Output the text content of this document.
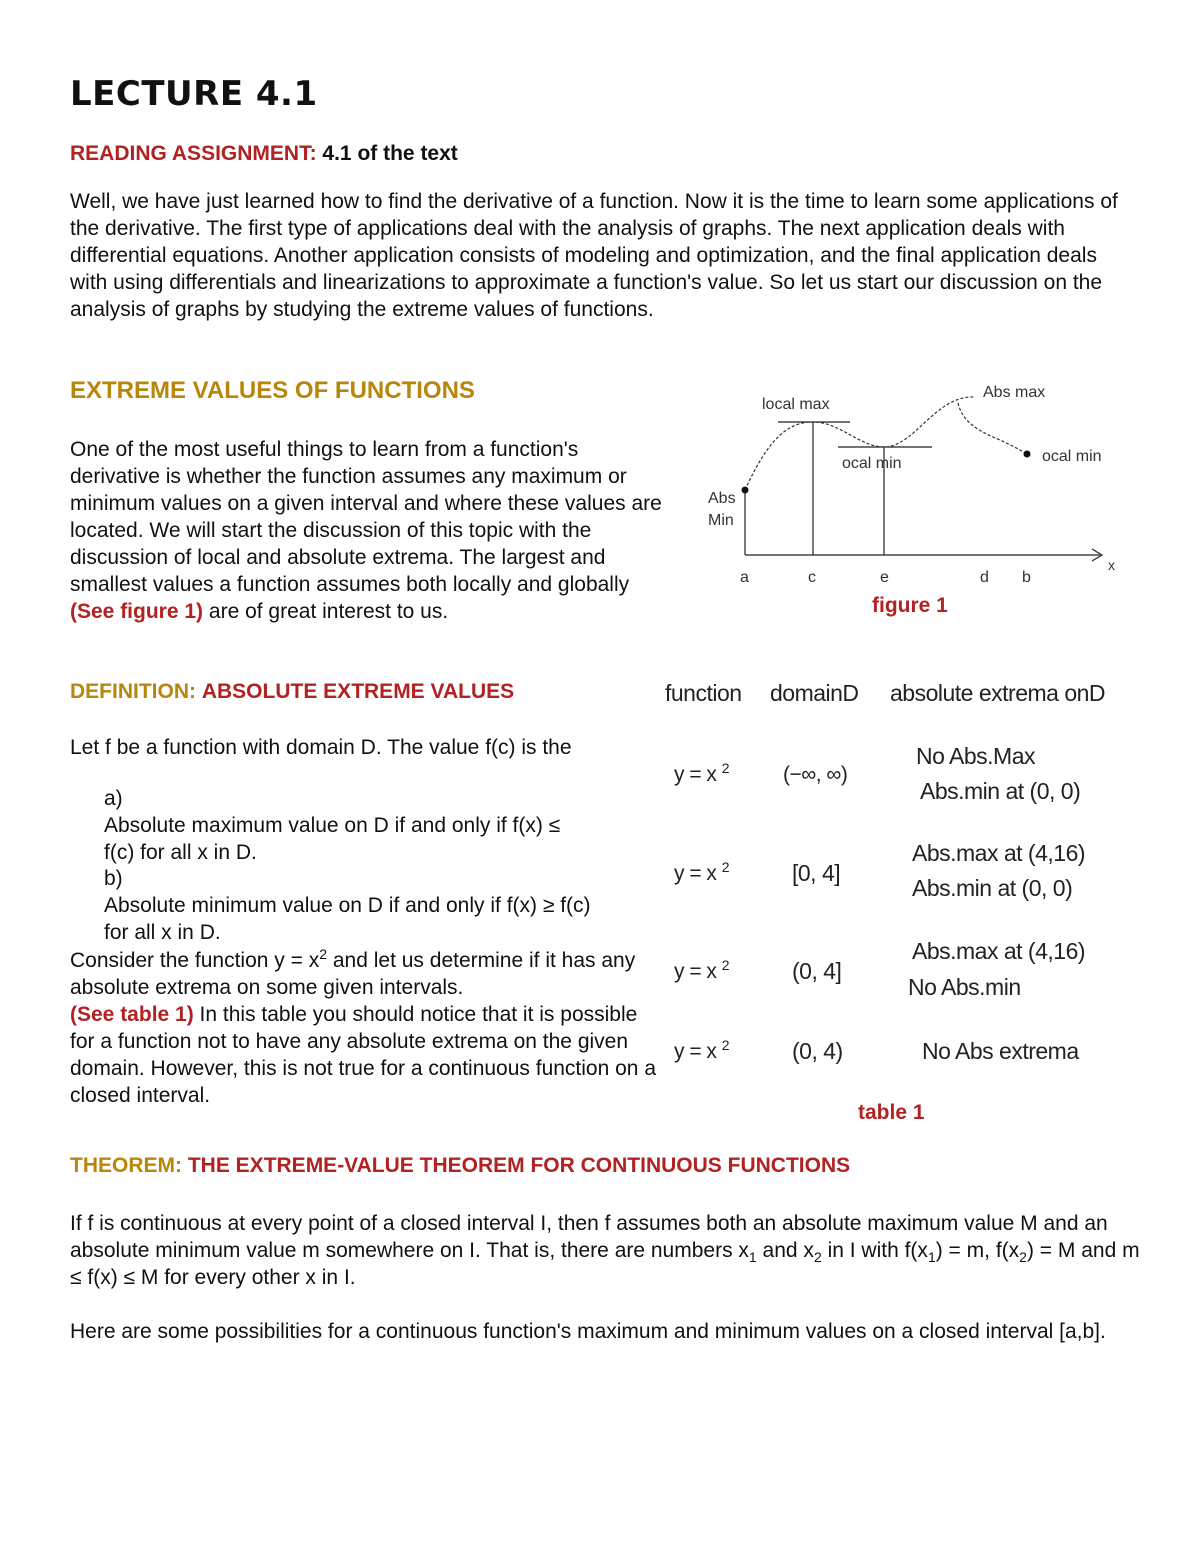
LECTURE 4.1
READING ASSIGNMENT: 4.1 of the text
Well, we have just learned how to find the derivative of a function. Now it is the time to learn some applications of the derivative. The first type of applications deal with the analysis of graphs. The next application deals with differential equations. Another application consists of modeling and optimization, and the final application deals with using differentials and linearizations to approximate a function's value. So let us start our discussion on the analysis of graphs by studying the extreme values of functions.
EXTREME VALUES OF FUNCTIONS
One of the most useful things to learn from a function's derivative is whether the function assumes any maximum or minimum values on a given interval and where these values are located. We will start the discussion of this topic with the discussion of local and absolute extrema. The largest and smallest values a function assumes both locally and globally (See figure 1) are of great interest to us.
local max
Abs max
ocal min	ocal min
Abs
Min
x
a	c	e	d b
figure 1
DEFINITION: ABSOLUTE EXTREME VALUES
Let f be a function with domain D. The value f(c) is the
a)Absolute maximum value on D if and only if f(x) ≤ f(c) for all x in D.
b)Absolute minimum value on D if and only if f(x) ≥ f(c) for all x in D.
Consider the function $y = x^2$ and let us determine if it has any absolute extrema on some given intervals.
(See table 1) In this table you should notice that it is possible for a function not to have any absolute extrema on the given domain. However, this is not true for a continuous function on a closed interval.
function domainD absolute extrema onD
y = x $^2$	(−∞, ∞)
No Abs.Max
Abs.min at (0, 0)
y = x $^2$	[0, 4]
Abs.max at (4,16)
Abs.min at (0, 0)
y = x $^2$	(0, 4]
Abs.max at (4,16)
No Abs.min
y = x $^2$	(0, 4)	No Abs extrema
table 1
THEOREM: THE EXTREME-VALUE THEOREM FOR CONTINUOUS FUNCTIONS
If f is continuous at every point of a closed interval I, then f assumes both an absolute maximum value M and an absolute minimum value m somewhere on I. That is, there are numbers $x_1$ and $x_2$ in I with $f(x_1) = m$, $f(x_2) = M$ and m ≤ f(x) ≤ M for every other x in I.
Here are some possibilities for a continuous function's maximum and minimum values on a closed interval [a,b].
